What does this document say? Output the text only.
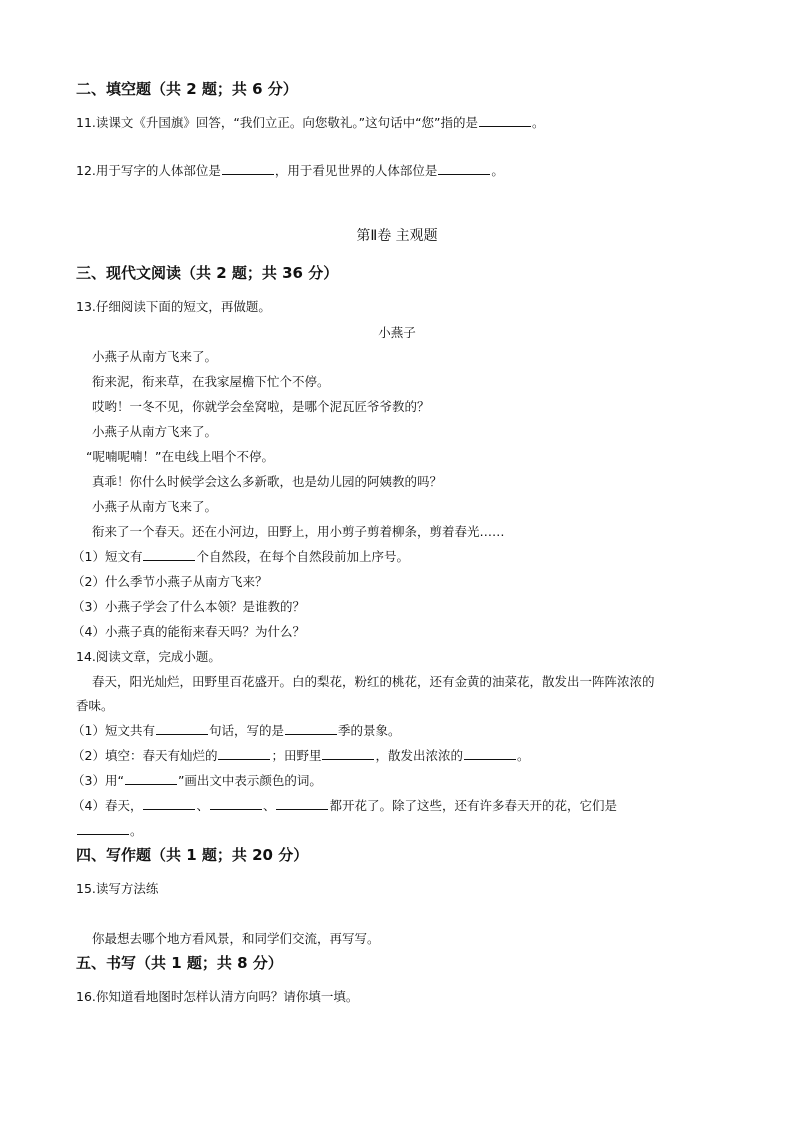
二、填空题（共 2 题；共 6 分）
11.读课文《升国旗》回答，“我们立正。向您敬礼。”这句话中“您”指的是	。
12.用于写字的人体部位是	，用于看见世界的人体部位是	。
第Ⅱ卷 主观题
三、现代文阅读（共 2 题；共 36 分）
13.仔细阅读下面的短文，再做题。
小燕子
小燕子从南方飞来了。
衔来泥，衔来草，在我家屋檐下忙个不停。
哎哟！一冬不见，你就学会垒窝啦，是哪个泥瓦匠爷爷教的？
小燕子从南方飞来了。
“呢喃呢喃！”在电线上唱个不停。
真乖！你什么时候学会这么多新歌，也是幼儿园的阿姨教的吗？
小燕子从南方飞来了。
衔来了一个春天。还在小河边，田野上，用小剪子剪着柳条，剪着春光……
（1）短文有	个自然段，在每个自然段前加上序号。
（2）什么季节小燕子从南方飞来？
（3）小燕子学会了什么本领？是谁教的？
（4）小燕子真的能衔来春天吗？为什么？
14.阅读文章，完成小题。
春天，阳光灿烂，田野里百花盛开。白的梨花，粉红的桃花，还有金黄的油菜花，散发出一阵阵浓浓的
香味。
（1）短文共有	句话，写的是	季的景象。
（2）填空：春天有灿烂的	；田野里	，散发出浓浓的	。
（3）用“	”画出文中表示颜色的词。
（4）春天，	、	、	都开花了。除了这些，还有许多春天开的花，它们是
。
四、写作题（共 1 题；共 20 分）
15.读写方法练
你最想去哪个地方看风景，和同学们交流，再写写。
五、书写（共 1 题；共 8 分）
16.你知道看地图时怎样认清方向吗？请你填一填。
